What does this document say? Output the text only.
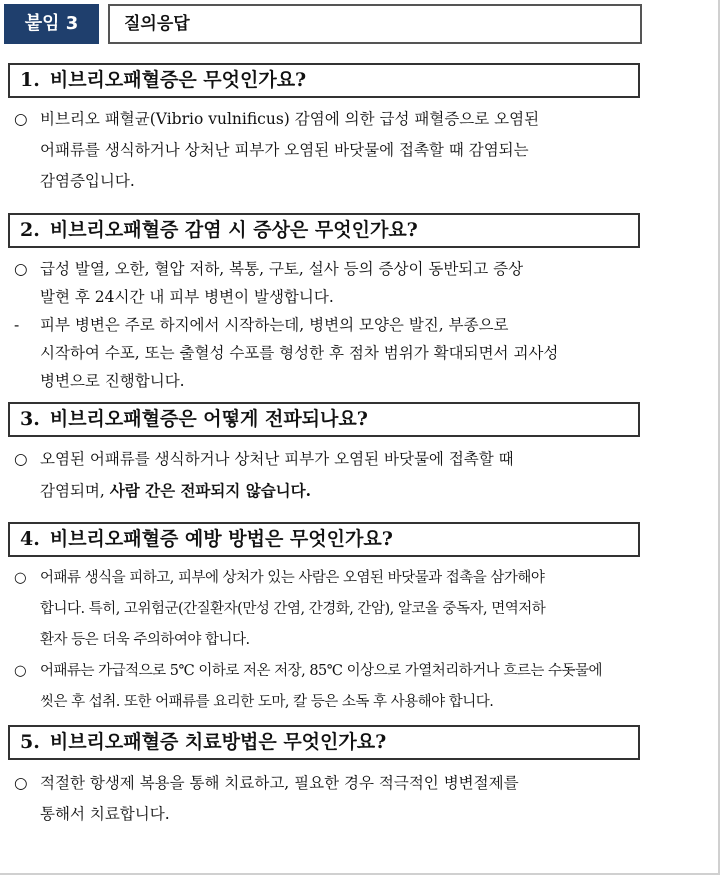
붙임 3	질의응답
1. 비브리오패혈증은 무엇인가요?
○ 비브리오 패혈균(Vibrio vulnificus) 감염에 의한 급성 패혈증으로 오염된
어패류를 생식하거나 상처난 피부가 오염된 바닷물에 접촉할 때 감염되는
감염증입니다.
2. 비브리오패혈증 감염 시 증상은 무엇인가요?
○ 급성 발열, 오한, 혈압 저하, 복통, 구토, 설사 등의 증상이 동반되고 증상
발현 후 24시간 내 피부 병변이 발생합니다.
- 피부 병변은 주로 하지에서 시작하는데, 병변의 모양은 발진, 부종으로
시작하여 수포, 또는 출혈성 수포를 형성한 후 점차 범위가 확대되면서 괴사성
병변으로 진행합니다.
3. 비브리오패혈증은 어떻게 전파되나요?
○ 오염된 어패류를 생식하거나 상처난 피부가 오염된 바닷물에 접촉할 때
감염되며, 사람 간은 전파되지 않습니다.
4. 비브리오패혈증 예방 방법은 무엇인가요?
○ 어패류 생식을 피하고, 피부에 상처가 있는 사람은 오염된 바닷물과 접촉을 삼가해야
합니다. 특히, 고위험군(간질환자(만성 간염, 간경화, 간암), 알코올 중독자, 면역저하
환자 등은 더욱 주의하여야 합니다.
○ 어패류는 가급적으로 5℃ 이하로 저온 저장, 85℃ 이상으로 가열처리하거나 흐르는 수돗물에
씻은 후 섭취. 또한 어패류를 요리한 도마, 칼 등은 소독 후 사용해야 합니다.
5. 비브리오패혈증 치료방법은 무엇인가요?
○ 적절한 항생제 복용을 통해 치료하고, 필요한 경우 적극적인 병변절제를
통해서 치료합니다.
